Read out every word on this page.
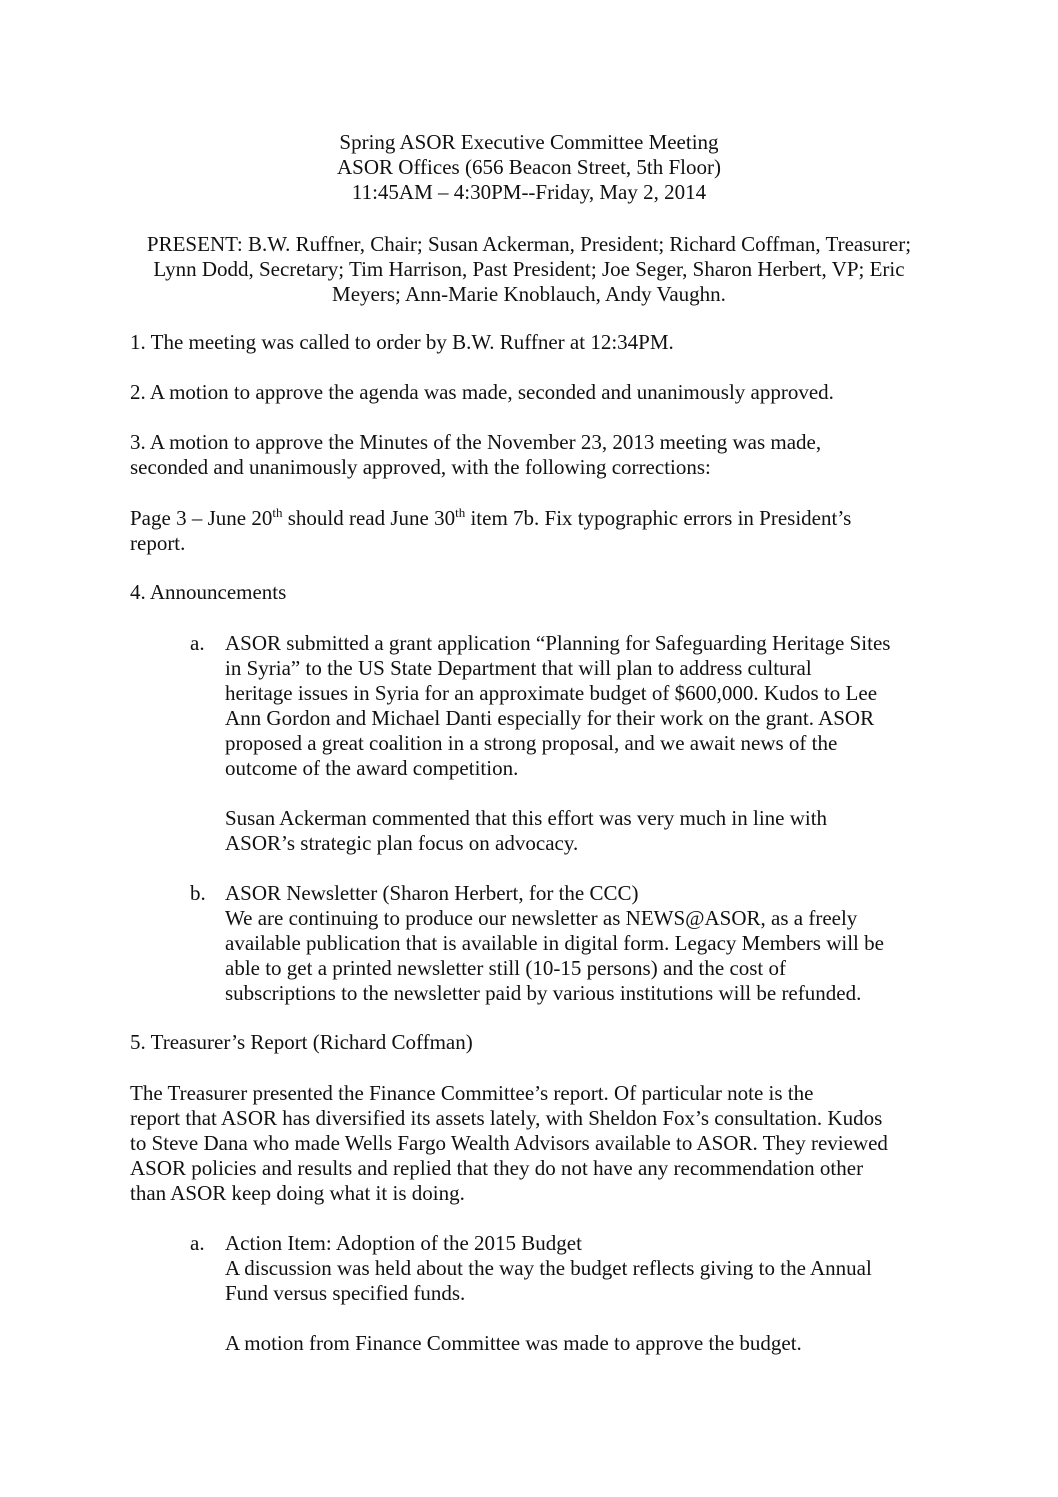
Spring ASOR Executive Committee Meeting
ASOR Offices (656 Beacon Street, 5th Floor)
11:45AM – 4:30PM--Friday, May 2, 2014
PRESENT: B.W. Ruffner, Chair; Susan Ackerman, President; Richard Coffman, Treasurer;
Lynn Dodd, Secretary; Tim Harrison, Past President; Joe Seger, Sharon Herbert, VP; Eric
Meyers; Ann-Marie Knoblauch, Andy Vaughn.

1. The meeting was called to order by B.W. Ruffner at 12:34PM.

2. A motion to approve the agenda was made, seconded and unanimously approved.

3. A motion to approve the Minutes of the November 23, 2013 meeting was made,
seconded and unanimously approved, with the following corrections:
Page 3 – June 20th should read June 30th item 7b. Fix typographic errors in President’s
report.

4. Announcements

a. ASOR submitted a grant application “Planning for Safeguarding Heritage Sites
in Syria” to the US State Department that will plan to address cultural
heritage issues in Syria for an approximate budget of $600,000. Kudos to Lee
Ann Gordon and Michael Danti especially for their work on the grant. ASOR
proposed a great coalition in a strong proposal, and we await news of the
outcome of the award competition.
Susan Ackerman commented that this effort was very much in line with
ASOR’s strategic plan focus on advocacy.
b. ASOR Newsletter (Sharon Herbert, for the CCC)
We are continuing to produce our newsletter as NEWS@ASOR, as a freely
available publication that is available in digital form. Legacy Members will be
able to get a printed newsletter still (10-15 persons) and the cost of
subscriptions to the newsletter paid by various institutions will be refunded.

5. Treasurer’s Report (Richard Coffman)

The Treasurer presented the Finance Committee’s report. Of particular note is the
report that ASOR has diversified its assets lately, with Sheldon Fox’s consultation. Kudos
to Steve Dana who made Wells Fargo Wealth Advisors available to ASOR. They reviewed
ASOR policies and results and replied that they do not have any recommendation other
than ASOR keep doing what it is doing.
a. Action Item: Adoption of the 2015 Budget
A discussion was held about the way the budget reflects giving to the Annual
Fund versus specified funds.

A motion from Finance Committee was made to approve the budget.
